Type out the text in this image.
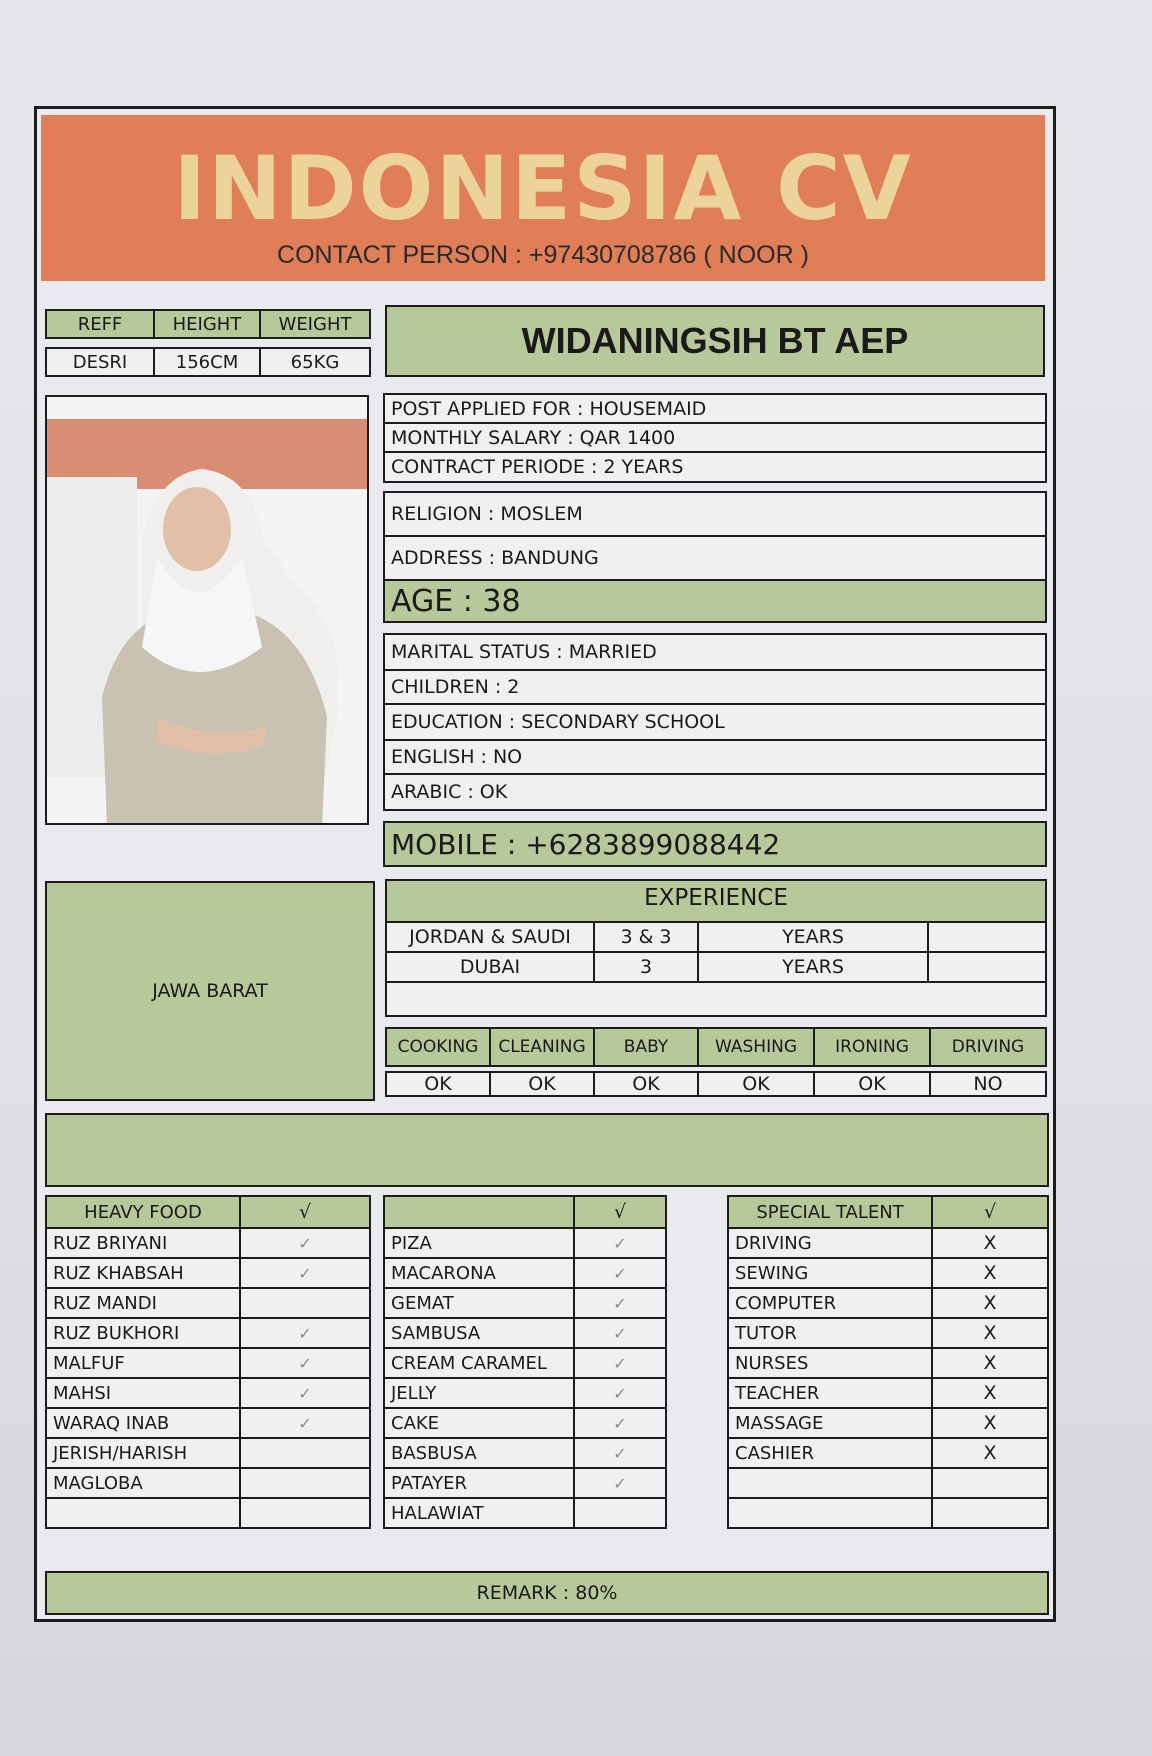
INDONESIA CV
CONTACT PERSON : +97430708786 ( NOOR )
REFF	HEIGHT	WEIGHT
DESRI	156CM	65KG
WIDANINGSIH BT AEP
POST APPLIED FOR : HOUSEMAID
MONTHLY SALARY : QAR 1400
CONTRACT PERIODE : 2 YEARS
RELIGION : MOSLEM
ADDRESS : BANDUNG
AGE : 38
MARITAL STATUS : MARRIED
CHILDREN : 2
EDUCATION : SECONDARY SCHOOL
ENGLISH : NO
ARABIC : OK
MOBILE : +6283899088442
JAWA BARAT
EXPERIENCE
JORDAN & SAUDI	3 & 3	YEARS
DUBAI	3	YEARS
COOKING	CLEANING	BABY	WASHING	IRONING	DRIVING
OK	OK	OK	OK	OK	NO
HEAVY FOOD	√
RUZ BRIYANI	✓
RUZ KHABSAH	✓
RUZ MANDI
RUZ BUKHORI	✓
MALFUF	✓
MAHSI	✓
WARAQ INAB	✓
JERISH/HARISH
MAGLOBA
√
PIZA	✓
MACARONA	✓
GEMAT	✓
SAMBUSA	✓
CREAM CARAMEL	✓
JELLY	✓
CAKE	✓
BASBUSA	✓
PATAYER	✓
HALAWIAT
SPECIAL TALENT	√
DRIVING	X
SEWING	X
COMPUTER	X
TUTOR	X
NURSES	X
TEACHER	X
MASSAGE	X
CASHIER	X
REMARK : 80%
